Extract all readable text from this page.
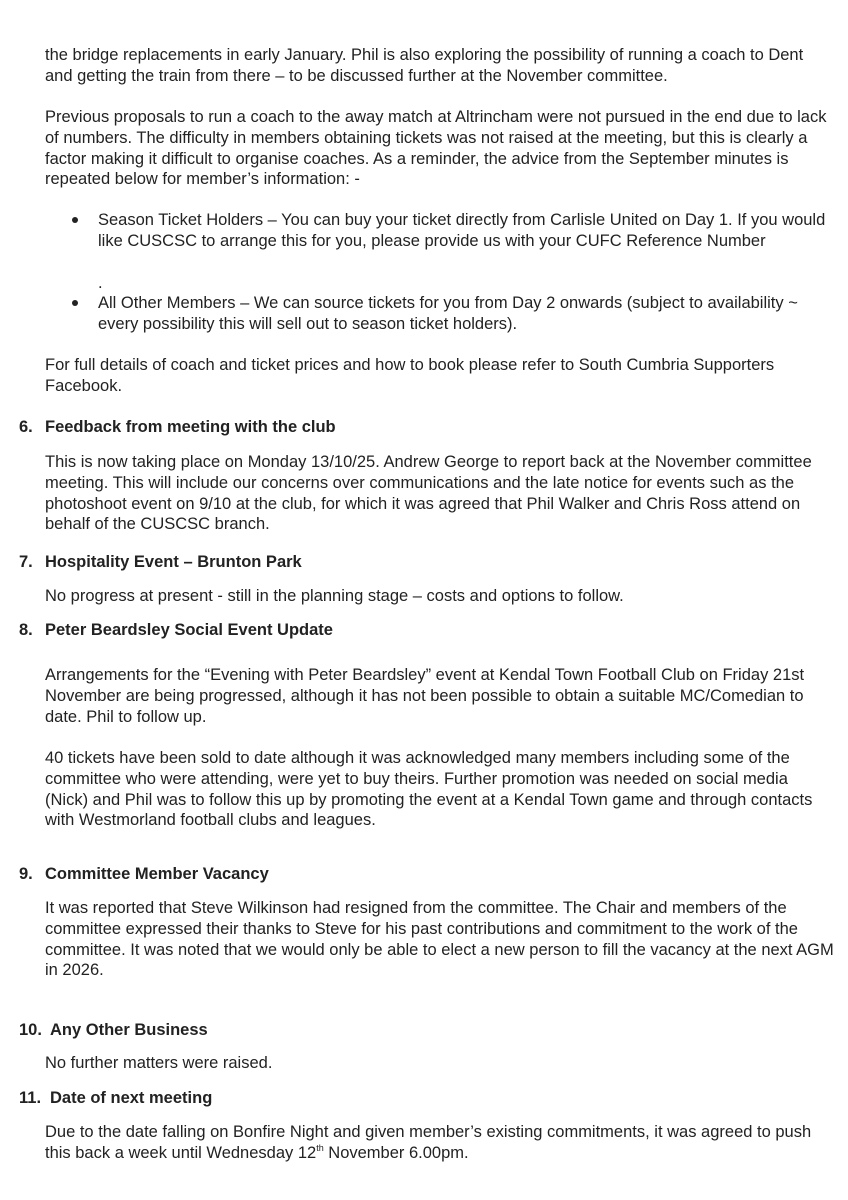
the bridge replacements in early January. Phil is also exploring the possibility of running a coach to Dent and getting the train from there – to be discussed further at the November committee.

Previous proposals to run a coach to the away match at Altrincham were not pursued in the end due to lack of numbers. The difficulty in members obtaining tickets was not raised at the meeting, but this is clearly a factor making it difficult to organise coaches. As a reminder, the advice from the September minutes is repeated below for member’s information: -

Season Ticket Holders – You can buy your ticket directly from Carlisle United on Day 1. If you would like CUSCSC to arrange this for you, please provide us with your CUFC Reference Number

.

All Other Members – We can source tickets for you from Day 2 onwards (subject to availability ~ every possibility this will sell out to season ticket holders).

For full details of coach and ticket prices and how to book please refer to South Cumbria Supporters Facebook.

6. Feedback from meeting with the club

This is now taking place on Monday 13/10/25. Andrew George to report back at the November committee meeting. This will include our concerns over communications and the late notice for events such as the photoshoot event on 9/10 at the club, for which it was agreed that Phil Walker and Chris Ross attend on behalf of the CUSCSC branch.

7. Hospitality Event – Brunton Park

No progress at present - still in the planning stage – costs and options to follow.

8. Peter Beardsley Social Event Update

Arrangements for the “Evening with Peter Beardsley” event at Kendal Town Football Club on Friday 21st November are being progressed, although it has not been possible to obtain a suitable MC/Comedian to date. Phil to follow up.

40 tickets have been sold to date although it was acknowledged many members including some of the committee who were attending, were yet to buy theirs. Further promotion was needed on social media (Nick) and Phil was to follow this up by promoting the event at a Kendal Town game and through contacts with Westmorland football clubs and leagues.

9. Committee Member Vacancy

It was reported that Steve Wilkinson had resigned from the committee. The Chair and members of the committee expressed their thanks to Steve for his past contributions and commitment to the work of the committee. It was noted that we would only be able to elect a new person to fill the vacancy at the next AGM in 2026.

10. Any Other Business

No further matters were raised.

11. Date of next meeting

Due to the date falling on Bonfire Night and given member’s existing commitments, it was agreed to push this back a week until Wednesday 12th November 6.00pm.
